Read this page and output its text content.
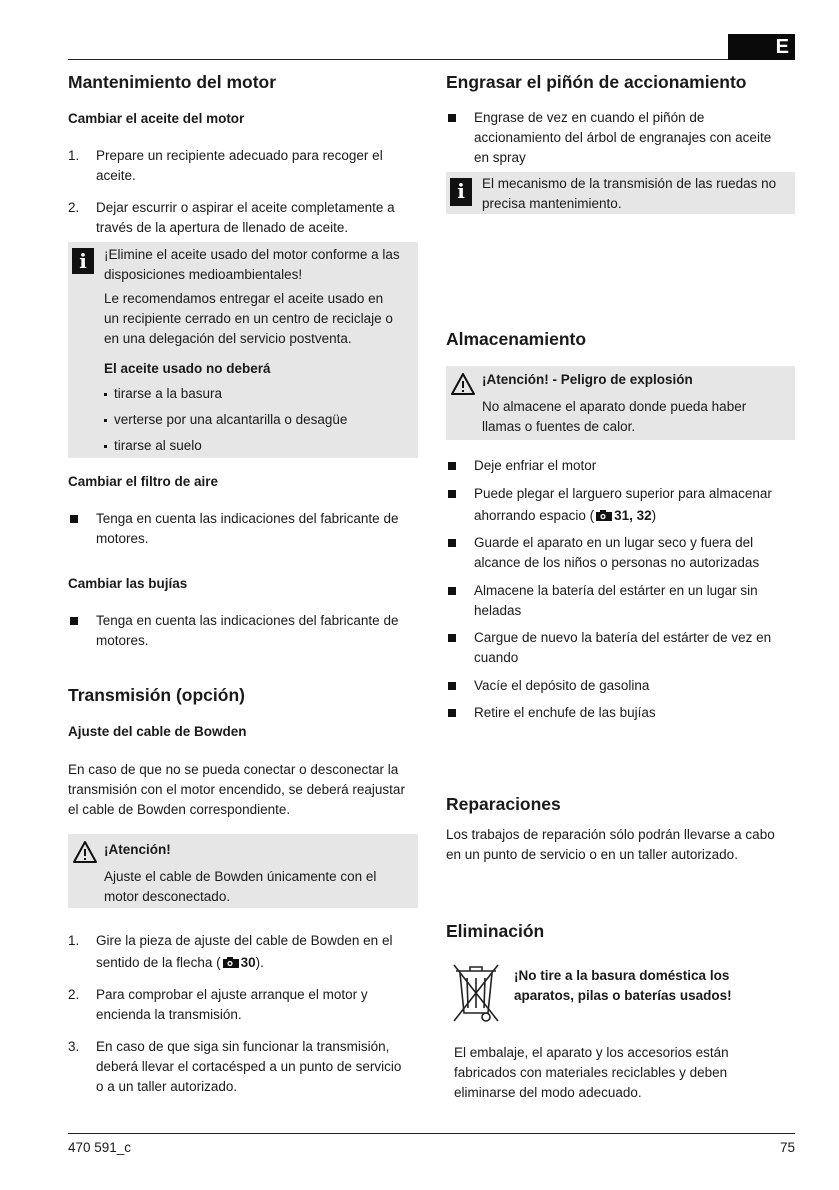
E
Mantenimiento del motor
Cambiar el aceite del motor
1. Prepare un recipiente adecuado para recoger el
aceite.
2. Dejar escurrir o aspirar el aceite completamente a
través de la apertura de llenado de aceite.
i	¡Elimine el aceite usado del motor conforme a las

disposiciones medioambientales!

Le recomendamos entregar el aceite usado en

un recipiente cerrado en un centro de reciclaje o

en una delegación del servicio postventa.

El aceite usado no deberá

tirarse a la basura
verterse por una alcantarilla o desagüe
tirarse al suelo
Cambiar el filtro de aire
Tenga en cuenta las indicaciones del fabricante de
motores.
Cambiar las bujías
Tenga en cuenta las indicaciones del fabricante de
motores.
Transmisión (opción)
Ajuste del cable de Bowden

En caso de que no se pueda conectar o desconectar la

transmisión con el motor encendido, se deberá reajustar

el cable de Bowden correspondiente.

¡Atención!

Ajuste el cable de Bowden únicamente con el

motor desconectado.

1. Gire la pieza de ajuste del cable de Bowden en el
sentido de la flecha ( 30).
2. Para comprobar el ajuste arranque el motor y
encienda la transmisión.
3. En caso de que siga sin funcionar la transmisión,
deberá llevar el cortacésped a un punto de servicio
o a un taller autorizado.
Engrasar el piñón de accionamiento
Engrase de vez en cuando el piñón de
accionamiento del árbol de engranajes con aceite
en spray
i	El mecanismo de la transmisión de las ruedas no

precisa mantenimiento.

Almacenamiento

¡Atención! - Peligro de explosión

No almacene el aparato donde pueda haber

llamas o fuentes de calor.

Deje enfriar el motor
Puede plegar el larguero superior para almacenar
ahorrando espacio ( 31, 32)
Guarde el aparato en un lugar seco y fuera del
alcance de los niños o personas no autorizadas
Almacene la batería del estárter en un lugar sin
heladas
Cargue de nuevo la batería del estárter de vez en
cuando
Vacíe el depósito de gasolina
Retire el enchufe de las bujías
Reparaciones

Los trabajos de reparación sólo podrán llevarse a cabo

en un punto de servicio o en un taller autorizado.

Eliminación

¡No tire a la basura doméstica los

aparatos, pilas o baterías usados!

El embalaje, el aparato y los accesorios están

fabricados con materiales reciclables y deben

eliminarse del modo adecuado.

470 591_c	75
